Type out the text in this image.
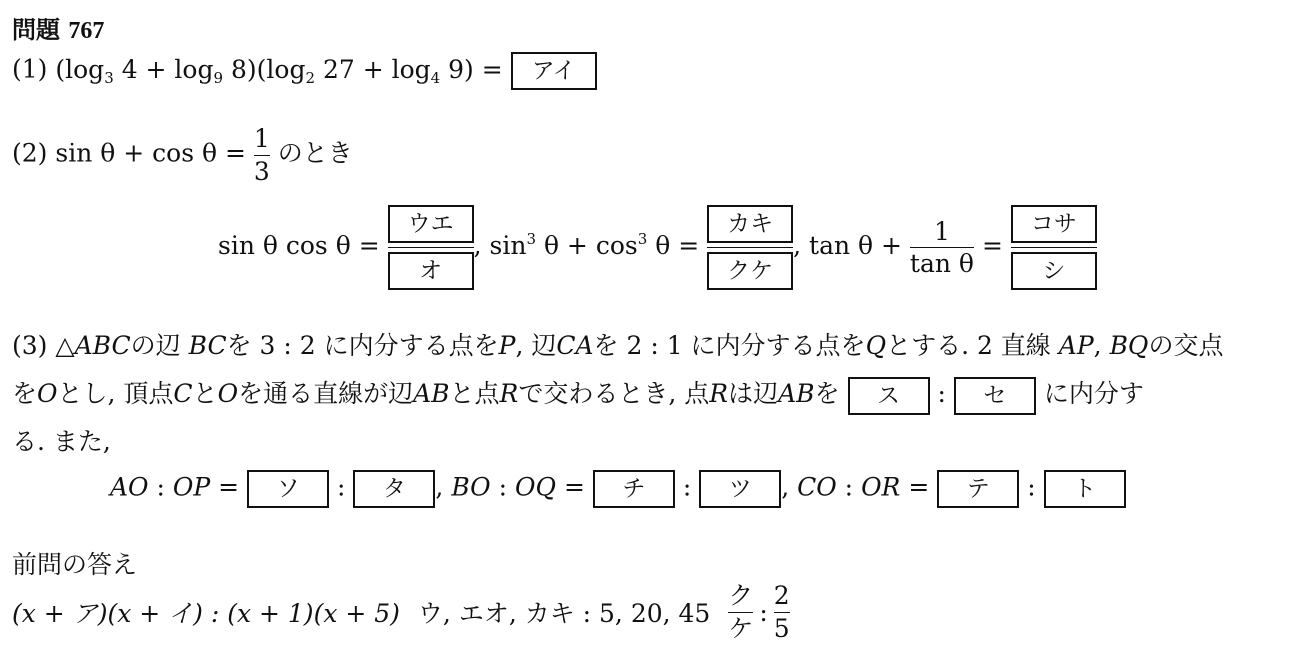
問題 767
(1) ($\log_3$ $4 + \log_9 8)(\log_2$ $27 + \log_4 9$) = アイ
(2) $\sin \theta + \cos \theta = \frac{1}{3}$ のとき
sin θ $\cos \theta = \frac{\text{ウエ}}{\text{オ}}$ , $\sin^3 \theta + \cos^3 \theta = \frac{\text{カキ}}{\text{クケ}}$ , $\tan \theta + \frac{1}{\text{tan θ}} = \frac{\text{コサ}}{\text{シ}}$
(3) △ABCの辺 BCを 3 : 2 に内分する点をP, 辺CAを 2 : 1 に内分する点をQとする. 2 直線 AP, BQの交点
をOとし, 頂点CとOを通る直線が辺ABと点Rで交わるとき, 点Rは辺ABを ス : セ に内分す
る. また,
AO : OP = ソ : タ , BO : OQ = チ : ツ , CO : OR = テ : ト
前問の答え
(x + ア)(x + イ) : (x + 1)(x + 5) ウ, エオ, カキ : 5, 20, $45 \frac{\text{ク}}{\text{ケ}}$ : $\frac{2}{5}$
